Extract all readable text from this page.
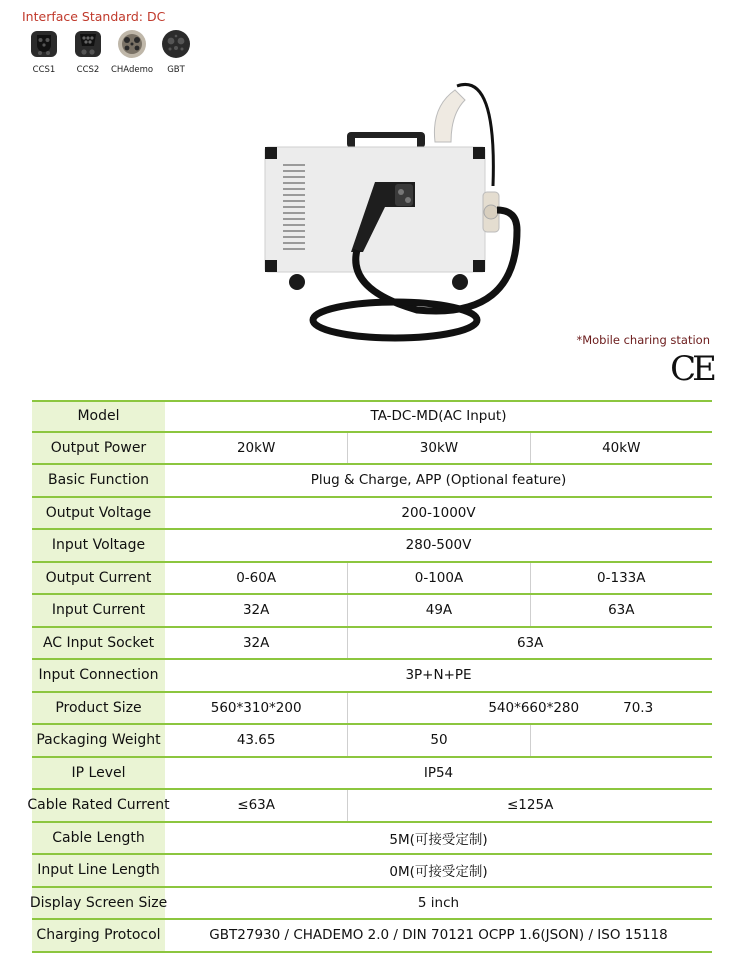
Interface Standard: DC
CCS1	CCS2 CHAdemo GBT
*Mobile charing station
CE
Model	TA-DC-MD(AC Input)
Output Power	20kW	30kW	40kW
Basic Function	Plug & Charge, APP (Optional feature)
Output Voltage	200-1000V
Input Voltage	280-500V
Output Current	0-60A	0-100A	0-133A
Input Current	32A	49A	63A
AC Input Socket	32A	63A
Input Connection	3P+N+PE
Product Size	560*310*200	540*660*280	70.3
Packaging Weight	43.65	50
IP Level	IP54
Cable Rated Current	≤63A	≤125A
Cable Length	5M(可接受定制)
Input Line Length	0M(可接受定制)
Display Screen Size	5 inch
Charging Protocol	GBT27930 / CHADEMO 2.0 / DIN 70121 OCPP 1.6(JSON) / ISO 15118
